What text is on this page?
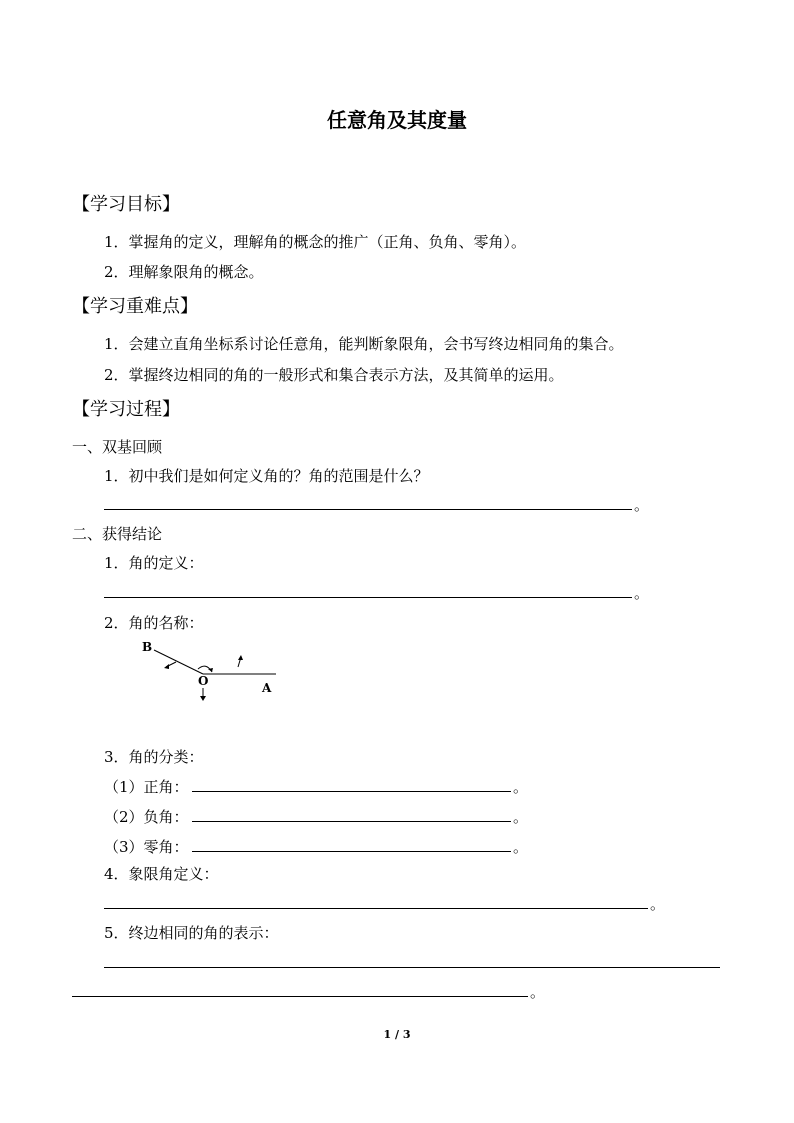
任意角及其度量
【学习目标】
1．掌握角的定义，理解角的概念的推广（正角、负角、零角）。
2．理解象限角的概念。
【学习重难点】
1．会建立直角坐标系讨论任意角，能判断象限角，会书写终边相同角的集合。
2．掌握终边相同的角的一般形式和集合表示方法，及其简单的运用。
【学习过程】
一、双基回顾
1．初中我们是如何定义角的？角的范围是什么？
。
二、获得结论
1．角的定义：
。
2．角的名称：
B
O	A
3．角的分类：
（1）正角：	。
（2）负角：	。
（3）零角：	。
4．象限角定义：
。
5．终边相同的角的表示：
。
1 / 3
